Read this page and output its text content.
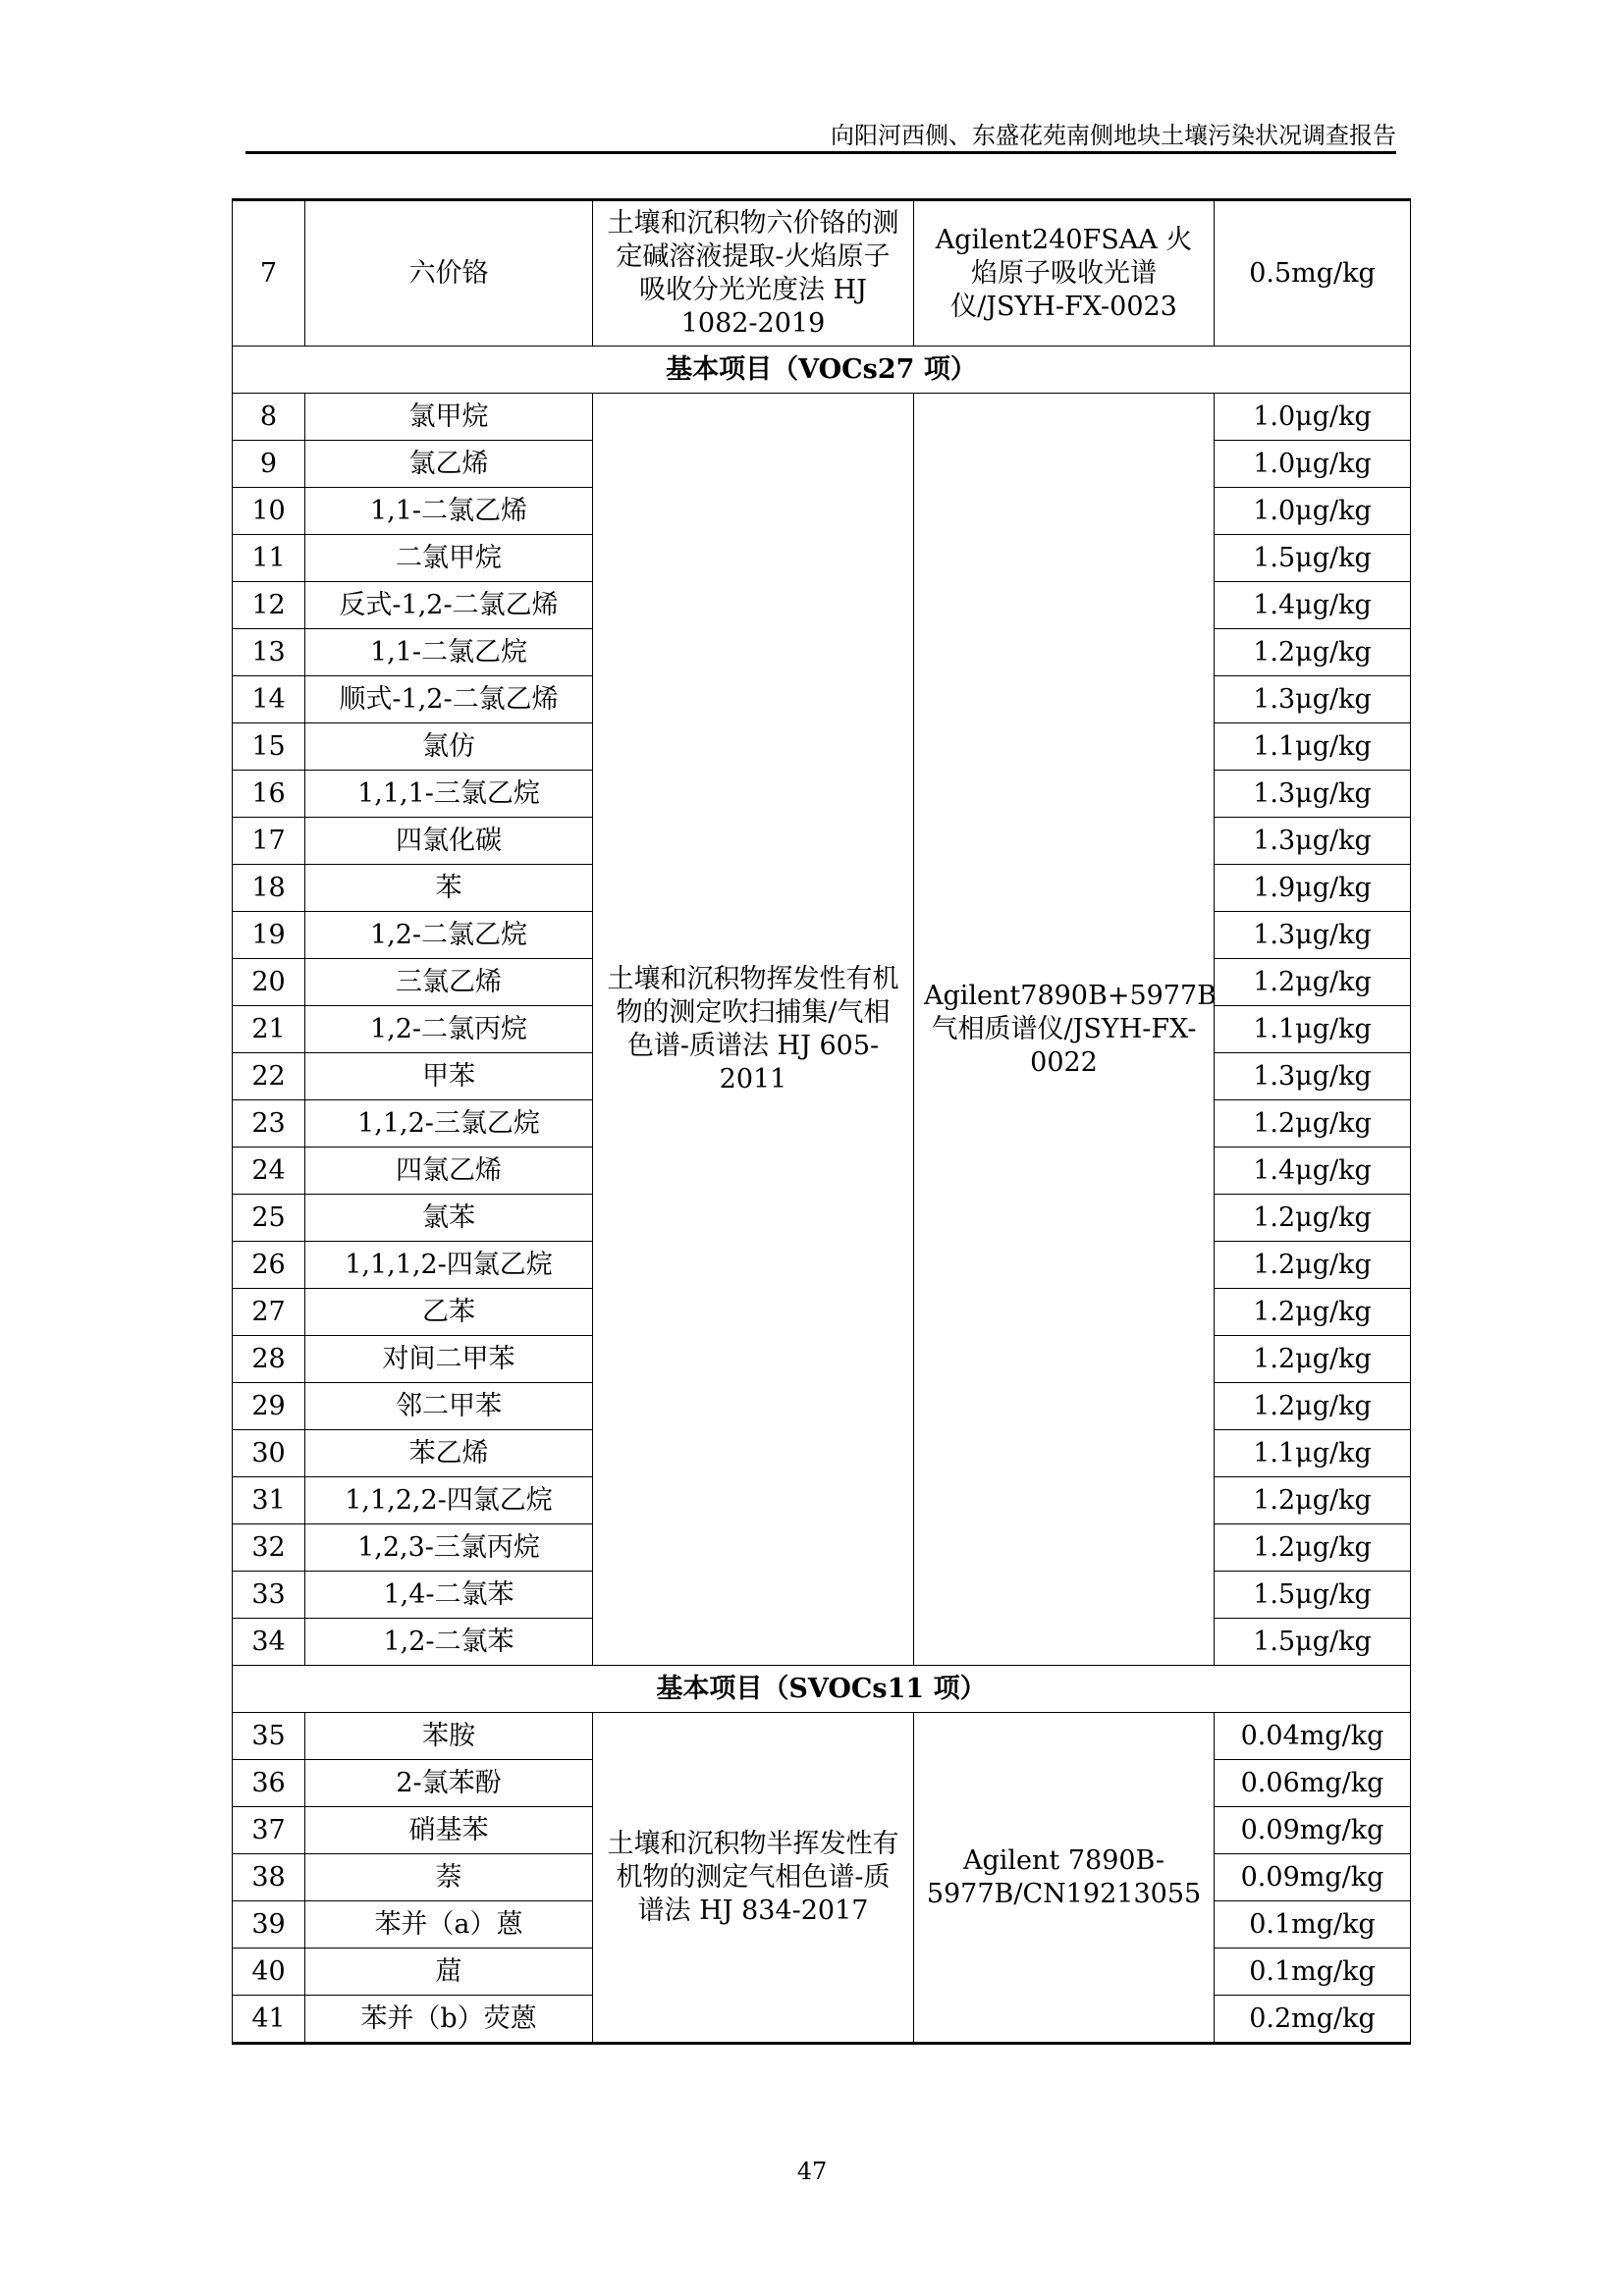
向阳河西侧、东盛花苑南侧地块土壤污染状况调查报告
7	六价铬	土壤和沉积物六价铬的测定碱溶液提取-火焰原子吸收分光光度法 HJ 1082-2019	Agilent240FSAA 火焰原子吸收光谱仪/JSYH-FX-0023	0.5mg/kg
基本项目（VOCs27 项）				
8	氯甲烷	土壤和沉积物挥发性有机物的测定吹扫捕集/气相色谱-质谱法 HJ 605-2011	Agilent7890B+5977B 气相质谱仪/JSYH-FX-0022	1.0μg/kg
9	氯乙烯			1.0μg/kg
10	1,1-二氯乙烯			1.0μg/kg
11	二氯甲烷			1.5μg/kg
12	反式-1,2-二氯乙烯			1.4μg/kg
13	1,1-二氯乙烷			1.2μg/kg
14	顺式-1,2-二氯乙烯			1.3μg/kg
15	氯仿			1.1μg/kg
16	1,1,1-三氯乙烷			1.3μg/kg
17	四氯化碳			1.3μg/kg
18	苯			1.9μg/kg
19	1,2-二氯乙烷			1.3μg/kg
20	三氯乙烯			1.2μg/kg
21	1,2-二氯丙烷			1.1μg/kg
22	甲苯			1.3μg/kg
23	1,1,2-三氯乙烷			1.2μg/kg
24	四氯乙烯			1.4μg/kg
25	氯苯			1.2μg/kg
26	1,1,1,2-四氯乙烷			1.2μg/kg
27	乙苯			1.2μg/kg
28	对间二甲苯			1.2μg/kg
29	邻二甲苯			1.2μg/kg
30	苯乙烯			1.1μg/kg
31	1,1,2,2-四氯乙烷			1.2μg/kg
32	1,2,3-三氯丙烷			1.2μg/kg
33	1,4-二氯苯			1.5μg/kg
34	1,2-二氯苯			1.5μg/kg
基本项目（SVOCs11 项）				
35	苯胺	土壤和沉积物半挥发性有机物的测定气相色谱-质谱法 HJ 834-2017	Agilent 7890B-5977B/CN19213055	0.04mg/kg
36	2-氯苯酚			0.06mg/kg
37	硝基苯			0.09mg/kg
38	萘			0.09mg/kg
39	苯并（a）蒽			0.1mg/kg
40	䓛			0.1mg/kg
41	苯并（b）荧蒽			0.2mg/kg
47
